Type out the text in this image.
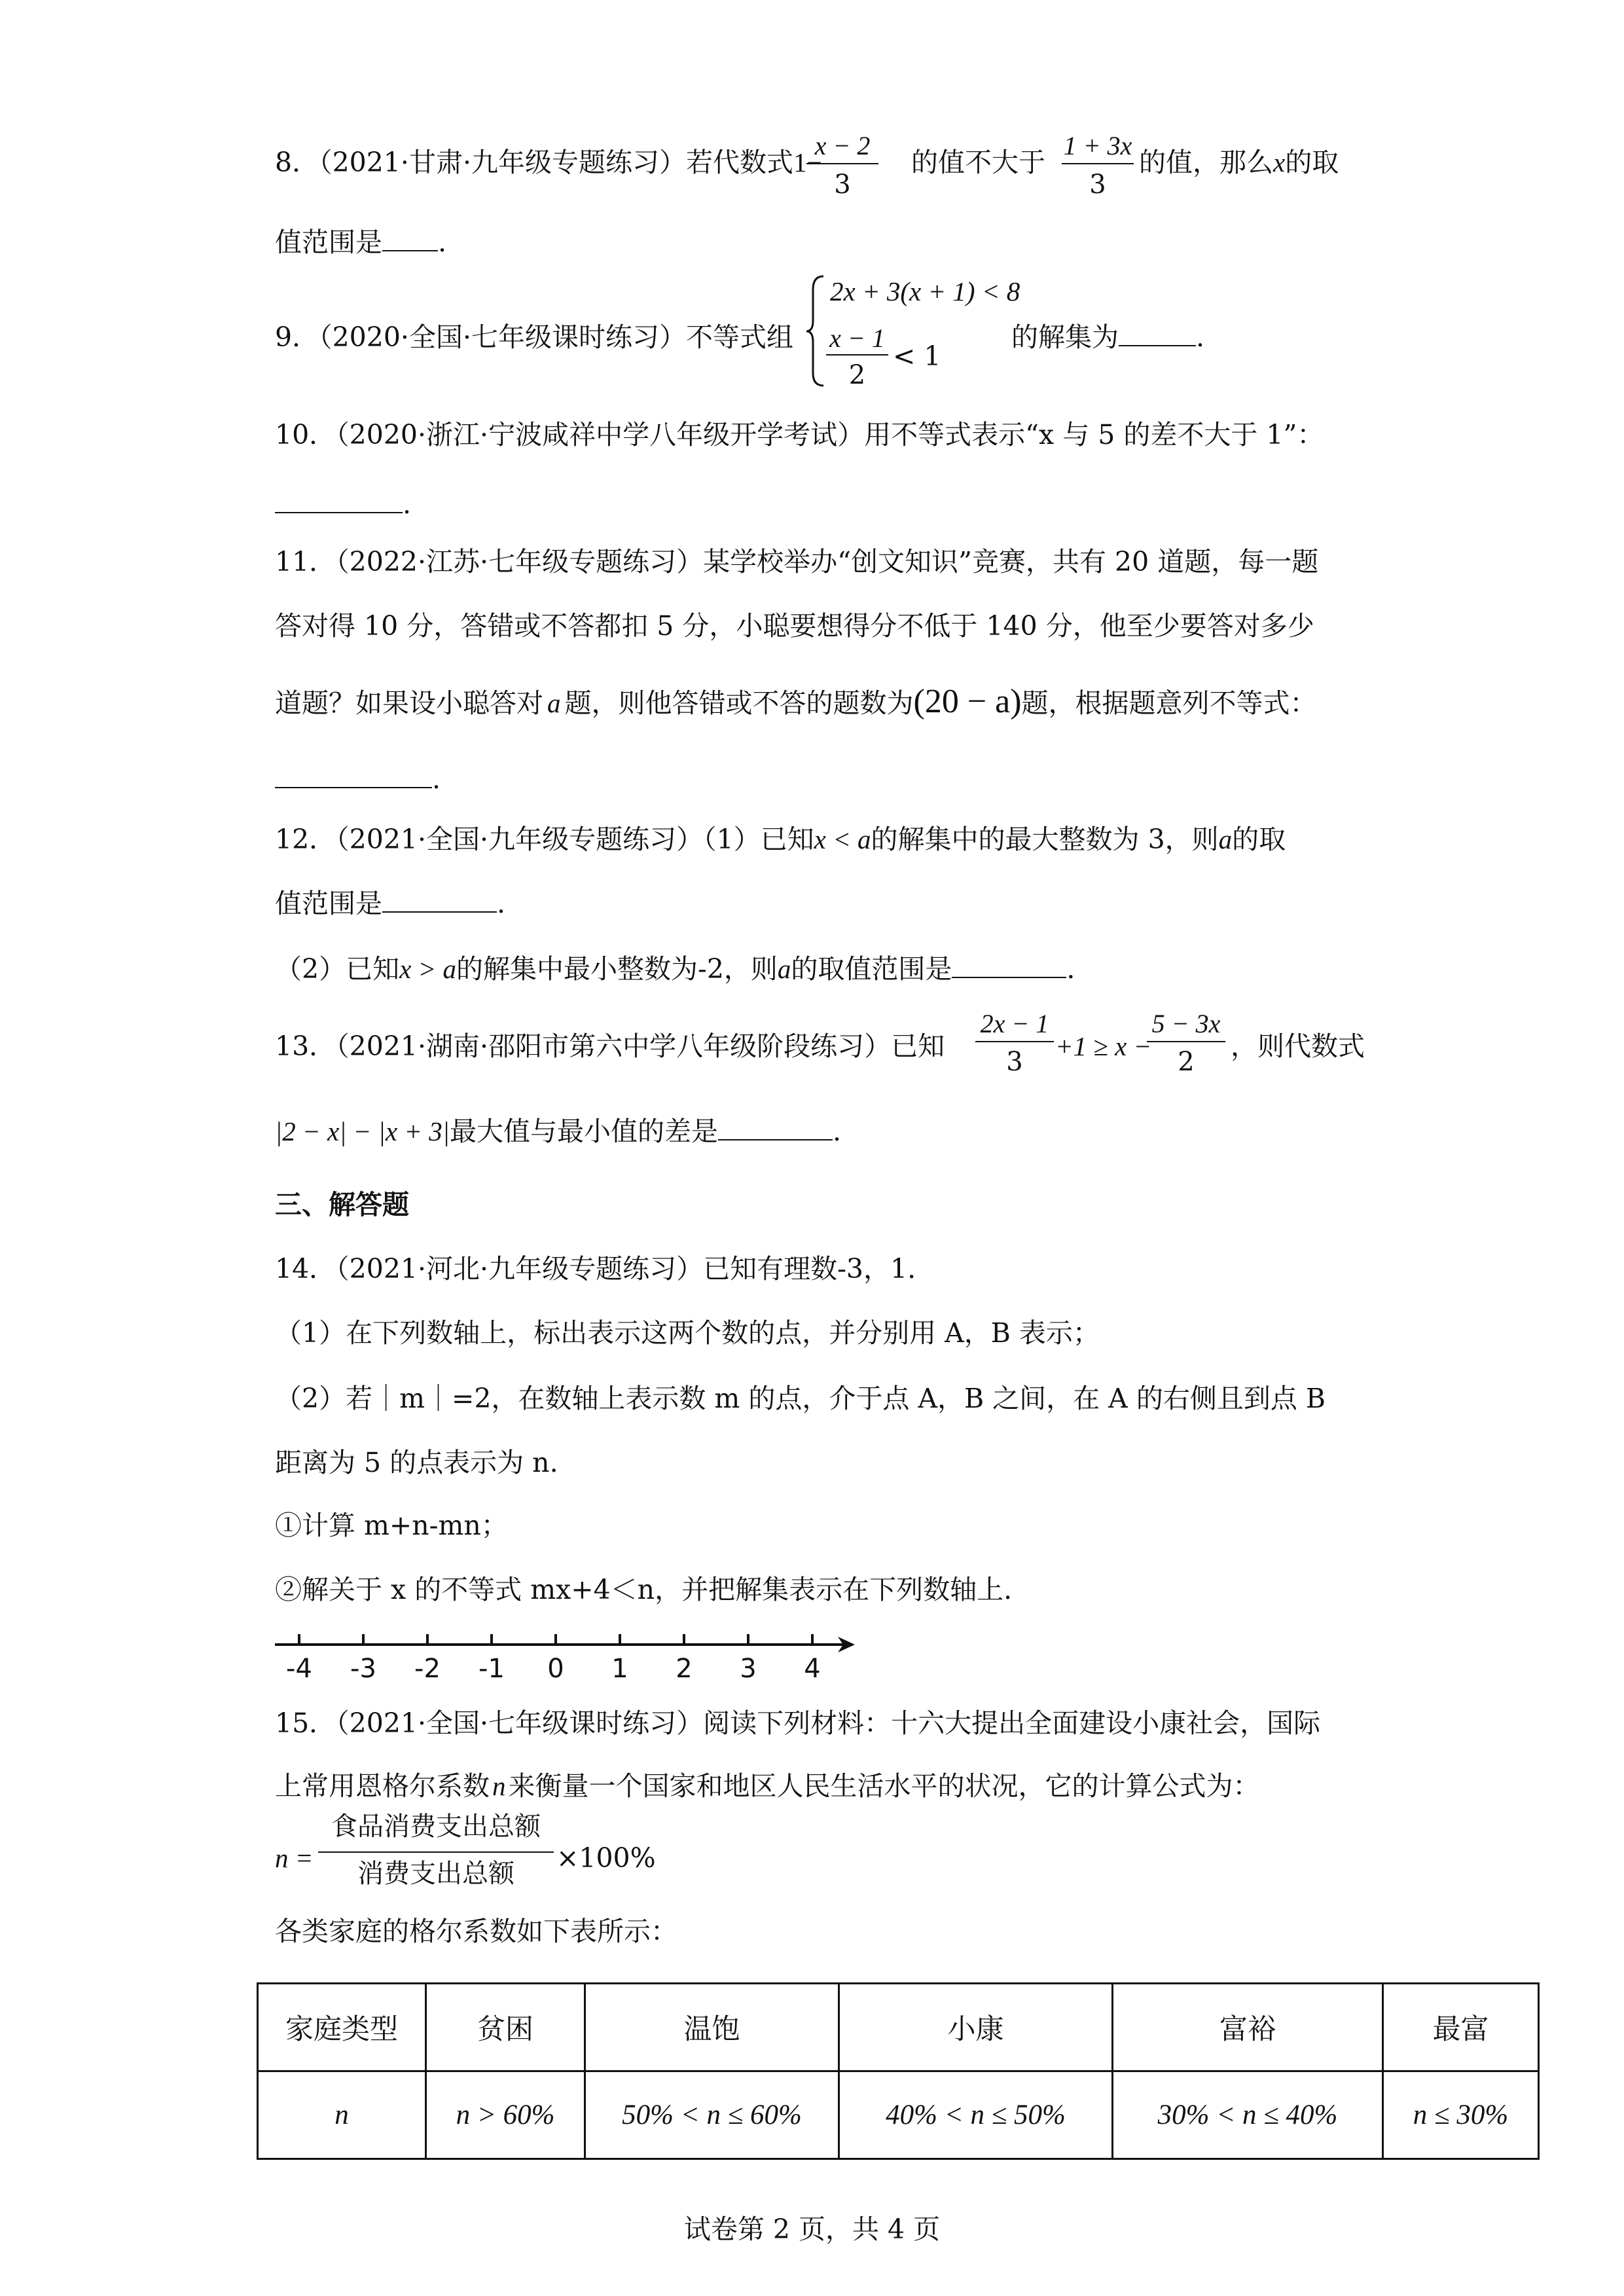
8．（2021·甘肃·九年级专题练习）若代数式1−
x − 2
3
的值不大于
1 + 3x
3
的值，那么x的取
值范围是 .
9．（2020·全国·七年级课时练习）不等式组
2x + 3(x + 1) < 8
x − 1
2
< 1
的解集为	.
10．（2020·浙江·宁波咸祥中学八年级开学考试）用不等式表示“x 与 5 的差不大于 1”：
.
11．（2022·江苏·七年级专题练习）某学校举办“创文知识”竞赛，共有 20 道题，每一题
答对得 10 分，答错或不答都扣 5 分，小聪要想得分不低于 140 分，他至少要答对多少
道题？如果设小聪答对 a 题，则他答错或不答的题数为(20 − a)题，根据题意列不等式：
.
12．（2021·全国·九年级专题练习）（1）已知x < a的解集中的最大整数为 3，则a的取
值范围是	.
（2）已知x > a的解集中最小整数为-2，则a的取值范围是	.
13．（2021·湖南·邵阳市第六中学八年级阶段练习）已知
2x − 1
3
+1 ≥ x −
5 − 3x
2	，则代数式
|2 − x| − |x + 3|最大值与最小值的差是	.
三、解答题
14．（2021·河北·九年级专题练习）已知有理数-3，1.
（1）在下列数轴上，标出表示这两个数的点，并分别用 A，B 表示；
（2）若｜m｜=2，在数轴上表示数 m 的点，介于点 A，B 之间，在 A 的右侧且到点 B
距离为 5 的点表示为 n.
①计算 m+n-mn；
②解关于 x 的不等式 mx+4＜n，并把解集表示在下列数轴上.
-4 -3 -2 -1 0 1 2 3 4
15．（2021·全国·七年级课时练习）阅读下列材料：十六大提出全面建设小康社会，国际
上常用恩格尔系数n来衡量一个国家和地区人民生活水平的状况，它的计算公式为：
n =
食品消费支出总额
消费支出总额	×100%
各类家庭的格尔系数如下表所示：
家庭类型	贫困	温饱	小康	富裕	最富
n	n > 60%	50% < n ≤ 60%	40% < n ≤ 50%	30% < n ≤ 40%	n ≤ 30%
试卷第 2 页，共 4 页
